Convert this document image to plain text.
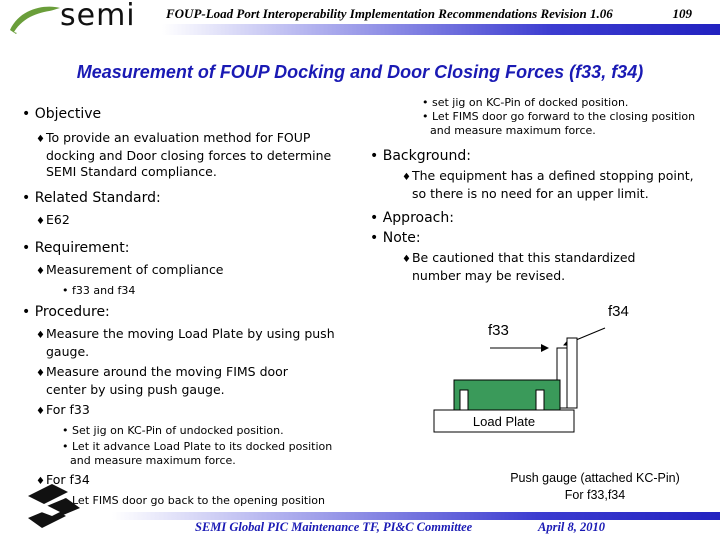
semi FOUP-Load Port Interoperability Implementation Recommendations Revision 1.06	109
Measurement of FOUP Docking and Door Closing Forces (f33, f34)
• Objective
♦ To provide an evaluation method for FOUP docking and Door closing forces to determine SEMI Standard compliance.
• Related Standard:
♦ E62
• Requirement:
♦ Measurement of compliance
• f33 and f34
• Procedure:
♦ Measure the moving Load Plate by using push gauge.
♦ Measure around the moving FIMS door center by using push gauge.
♦ For f33
• Set jig on KC-Pin of undocked position.
• Let it advance Load Plate to its docked position and measure maximum force.
♦ For f34
• Let FIMS door go back to the opening position
• set jig on KC-Pin of docked position.
• Let FIMS door go forward to the closing position and measure maximum force.
• Background:
♦ The equipment has a defined stopping point, so there is no need for an upper limit.
• Approach:
• Note:
♦ Be cautioned that this standardized number may be revised.
f33
f34
Load Plate
Push gauge (attached KC-Pin)
For f33,f34
SEMI Global PIC Maintenance TF, PI&C Committee	April 8, 2010
